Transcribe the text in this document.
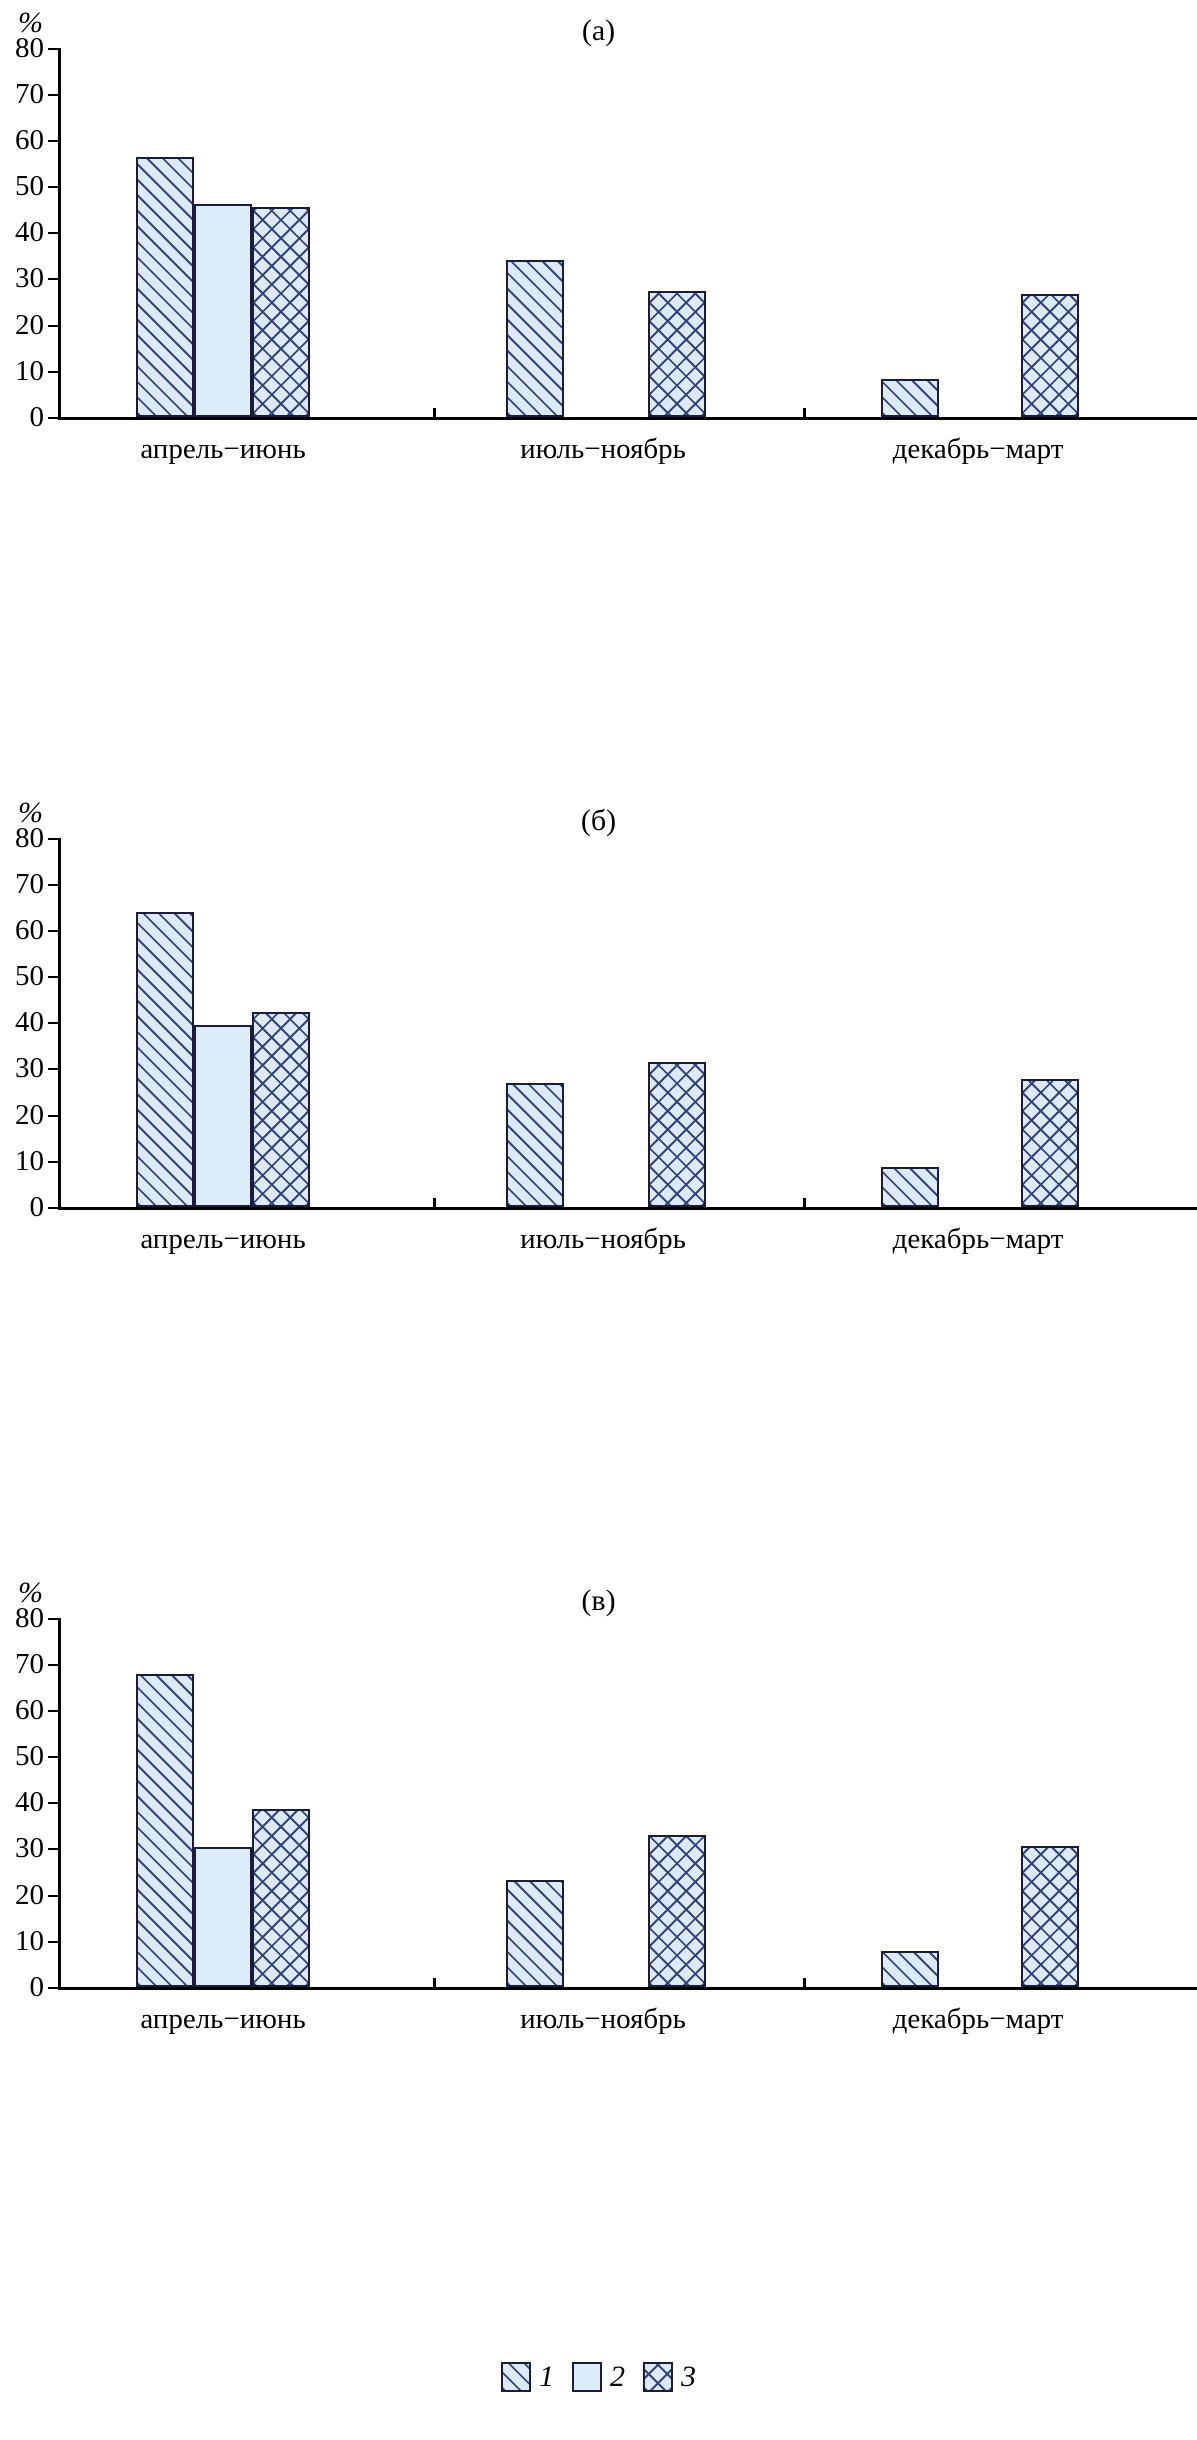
%	(а)
0
10
20
30
40
50
60
70
80
апрель−июнь	июль−ноябрь	декабрь−март
%	(б)
0
10
20
30
40
50
60
70
80
апрель−июнь	июль−ноябрь	декабрь−март
%	(в)
0
10
20
30
40
50
60
70
80
апрель−июнь	июль−ноябрь	декабрь−март
1 2 3
